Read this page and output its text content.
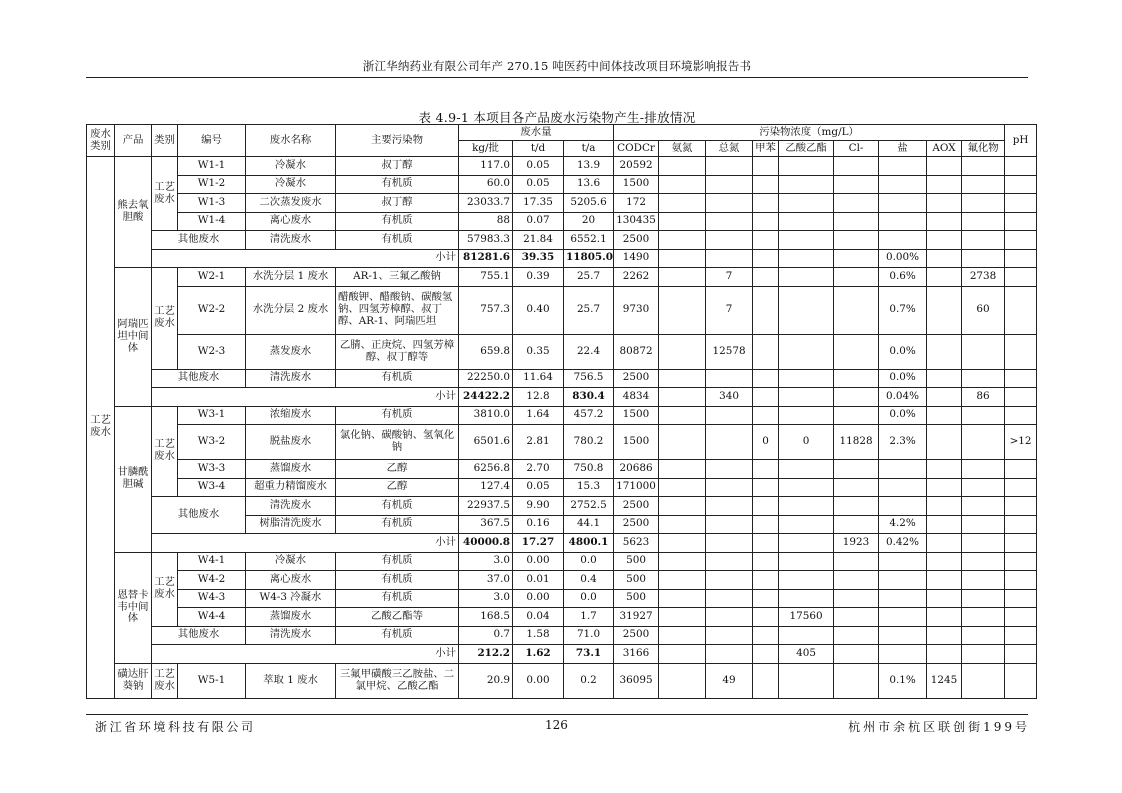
浙江华纳药业有限公司年产 270.15 吨医药中间体技改项目环境影响报告书
表 4.9-1 本项目各产品废水污染物产生-排放情况
废水类别	产品	类别	编号	废水名称	主要污染物	废水量			污染物浓度（mg/L）									pH
						kg/批	t/d	t/a	CODCr	氨氮	总氮	甲苯	乙酸乙酯	Cl-	盐	AOX	氟化物	
工艺废水	熊去氧胆酸	工艺废水	W1-1	冷凝水	叔丁醇	117.0	0.05	13.9	20592									
			W1-2	冷凝水	有机质	60.0	0.05	13.6	1500									
			W1-3	二次蒸发废水	叔丁醇	23033.7	17.35	5205.6	172									
			W1-4	离心废水	有机质	88	0.07	20	130435									
		其他废水		清洗废水	有机质	57983.3	21.84	6552.1	2500									
		小计				81281.6	39.35	11805.0	1490						0.00%			
	阿瑞匹坦中间体	工艺废水	W2-1	水洗分层 1 废水	AR-1、三氟乙酸钠	755.1	0.39	25.7	2262		7				0.6%		2738	
			W2-2	水洗分层 2 废水	醋酸钾、醋酸钠、碳酸氢钠、四氢芳樟醇、叔丁醇、AR-1、阿瑞匹坦	757.3	0.40	25.7	9730		7				0.7%		60	
			W2-3	蒸发废水	乙腈、正庚烷、四氢芳樟醇、叔丁醇等	659.8	0.35	22.4	80872		12578				0.0%			
		其他废水		清洗废水	有机质	22250.0	11.64	756.5	2500						0.0%			
		小计				24422.2	12.8	830.4	4834		340				0.04%		86	
	甘膦酰胆碱	工艺废水	W3-1	浓缩废水	有机质	3810.0	1.64	457.2	1500						0.0%			
			W3-2	脱盐废水	氯化钠、碳酸钠、氢氧化钠	6501.6	2.81	780.2	1500			0	0	11828	2.3%			>12
			W3-3	蒸馏废水	乙醇	6256.8	2.70	750.8	20686									
			W3-4	超重力精馏废水	乙醇	127.4	0.05	15.3	171000									
		其他废水		清洗废水	有机质	22937.5	9.90	2752.5	2500									
				树脂清洗废水	有机质	367.5	0.16	44.1	2500						4.2%			
		小计				40000.8	17.27	4800.1	5623					1923	0.42%			
	恩替卡韦中间体	工艺废水	W4-1	冷凝水	有机质	3.0	0.00	0.0	500									
			W4-2	离心废水	有机质	37.0	0.01	0.4	500									
			W4-3	W4-3 冷凝水	有机质	3.0	0.00	0.0	500									
			W4-4	蒸馏废水	乙酸乙酯等	168.5	0.04	1.7	31927				17560					
		其他废水		清洗废水	有机质	0.7	1.58	71.0	2500									
		小计				212.2	1.62	73.1	3166				405					
	磺达肝葵钠	工艺废水	W5-1	萃取 1 废水	三氟甲磺酸三乙胺盐、二氯甲烷、乙酸乙酯	20.9	0.00	0.2	36095		49				0.1%	1245		
浙江省环境科技有限公司	126	杭州市余杭区联创街199号
